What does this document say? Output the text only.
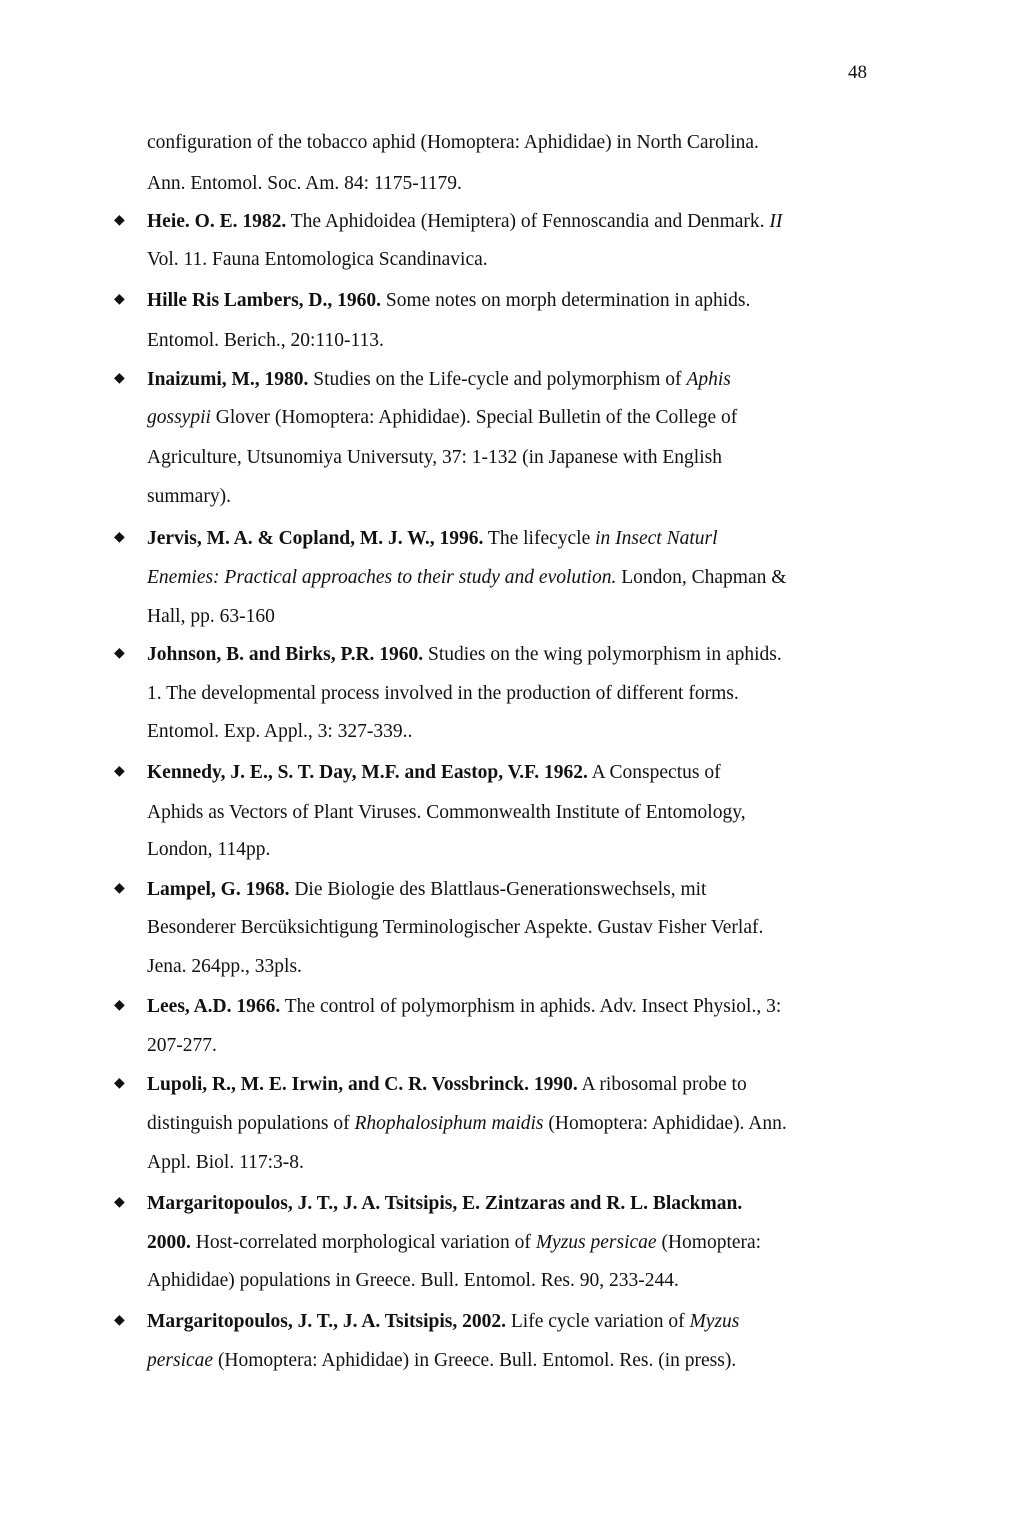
48
configuration of the tobacco aphid (Homoptera: Aphididae) in North Carolina.
Ann. Entomol. Soc. Am. 84: 1175-1179.
◆ Heie. O. E. 1982. The Aphidoidea (Hemiptera) of Fennoscandia and Denmark. II
Vol. 11. Fauna Entomologica Scandinavica.
◆ Hille Ris Lambers, D., 1960. Some notes on morph determination in aphids.
Entomol. Berich., 20:110-113.
◆ Inaizumi, M., 1980. Studies on the Life-cycle and polymorphism of Aphis
gossypii Glover (Homoptera: Aphididae). Special Bulletin of the College of
Agriculture, Utsunomiya Universuty, 37: 1-132 (in Japanese with English
summary).
◆ Jervis, M. A. & Copland, M. J. W., 1996. The lifecycle in Insect Naturl
Enemies: Practical approaches to their study and evolution. London, Chapman &
Hall, pp. 63-160
◆ Johnson, B. and Birks, P.R. 1960. Studies on the wing polymorphism in aphids.
1. The developmental process involved in the production of different forms.
Entomol. Exp. Appl., 3: 327-339..
◆ Kennedy, J. E., S. T. Day, M.F. and Eastop, V.F. 1962. A Conspectus of
Aphids as Vectors of Plant Viruses. Commonwealth Institute of Entomology,
London, 114pp.
◆ Lampel, G. 1968. Die Biologie des Blattlaus-Generationswechsels, mit
Besonderer Bercüksichtigung Terminologischer Aspekte. Gustav Fisher Verlaf.
Jena. 264pp., 33pls.
◆ Lees, A.D. 1966. The control of polymorphism in aphids. Adv. Insect Physiol., 3:
207-277.
◆ Lupoli, R., M. E. Irwin, and C. R. Vossbrinck. 1990. A ribosomal probe to
distinguish populations of Rhophalosiphum maidis (Homoptera: Aphididae). Ann.
Appl. Biol. 117:3-8.
◆ Margaritopoulos, J. T., J. A. Tsitsipis, E. Zintzaras and R. L. Blackman.
2000. Host-correlated morphological variation of Myzus persicae (Homoptera:
Aphididae) populations in Greece. Bull. Entomol. Res. 90, 233-244.
◆ Margaritopoulos, J. T., J. A. Tsitsipis, 2002. Life cycle variation of Myzus
persicae (Homoptera: Aphididae) in Greece. Bull. Entomol. Res. (in press).
